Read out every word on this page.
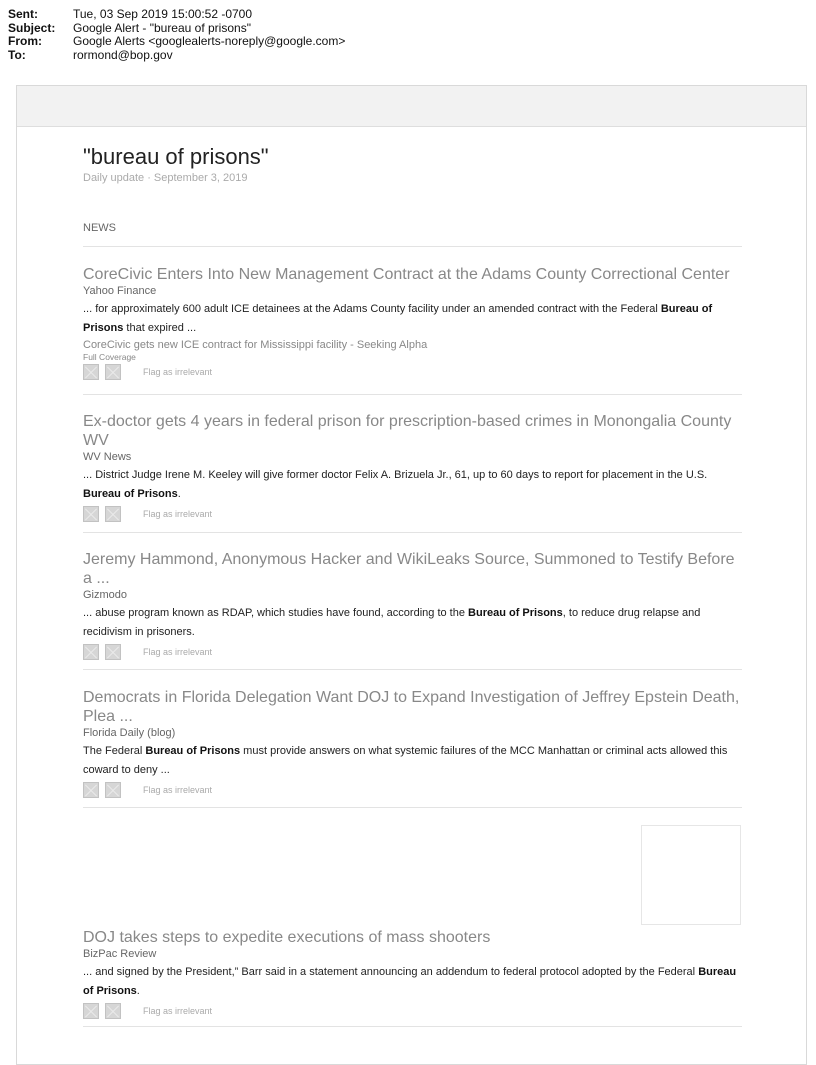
Sent:	Tue, 03 Sep 2019 15:00:52 -0700
Subject:	Google Alert - "bureau of prisons"
From:	Google Alerts <googlealerts-noreply@google.com>
To:	rormond@bop.gov
"bureau of prisons"
Daily update · September 3, 2019
NEWS
CoreCivic Enters Into New Management Contract at the Adams County Correctional Center
Yahoo Finance
... for approximately 600 adult ICE detainees at the Adams County facility under an amended contract with the Federal Bureau of Prisons that expired ...
CoreCivic gets new ICE contract for Mississippi facility - Seeking Alpha
Full Coverage
Flag as irrelevant
Ex-doctor gets 4 years in federal prison for prescription-based crimes in Monongalia County WV
WV News
... District Judge Irene M. Keeley will give former doctor Felix A. Brizuela Jr., 61, up to 60 days to report for placement in the U.S. Bureau of Prisons.
Flag as irrelevant
Jeremy Hammond, Anonymous Hacker and WikiLeaks Source, Summoned to Testify Before a ...
Gizmodo
... abuse program known as RDAP, which studies have found, according to the Bureau of Prisons, to reduce drug relapse and recidivism in prisoners.
Flag as irrelevant
Democrats in Florida Delegation Want DOJ to Expand Investigation of Jeffrey Epstein Death, Plea ...
Florida Daily (blog)
The Federal Bureau of Prisons must provide answers on what systemic failures of the MCC Manhattan or criminal acts allowed this coward to deny ...
Flag as irrelevant
DOJ takes steps to expedite executions of mass shooters
BizPac Review
... and signed by the President,” Barr said in a statement announcing an addendum to federal protocol adopted by the Federal Bureau of Prisons.
Flag as irrelevant
